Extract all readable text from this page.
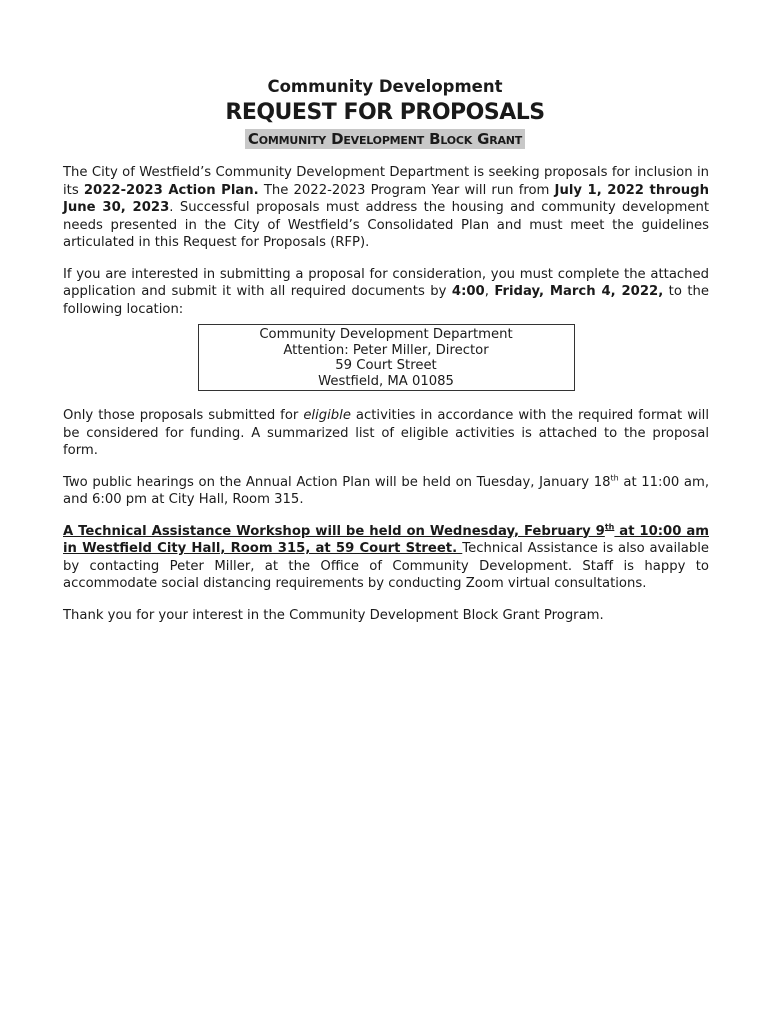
Community Development
REQUEST FOR PROPOSALS
Community Development Block Grant

The City of Westfield’s Community Development Department is seeking proposals for inclusion in its 2022-2023 Action Plan. The 2022-2023 Program Year will run from July 1, 2022 through June 30, 2023. Successful proposals must address the housing and community development needs presented in the City of Westfield’s Consolidated Plan and must meet the guidelines articulated in this Request for Proposals (RFP).

If you are interested in submitting a proposal for consideration, you must complete the attached application and submit it with all required documents by 4:00, Friday, March 4, 2022, to the following location:

Community Development Department
Attention: Peter Miller, Director
59 Court Street
Westfield, MA 01085

Only those proposals submitted for eligible activities in accordance with the required format will be considered for funding. A summarized list of eligible activities is attached to the proposal form.

Two public hearings on the Annual Action Plan will be held on Tuesday, January 18th at 11:00 am, and 6:00 pm at City Hall, Room 315.

A Technical Assistance Workshop will be held on Wednesday, February 9th at 10:00 am in Westfield City Hall, Room 315, at 59 Court Street. Technical Assistance is also available by contacting Peter Miller, at the Office of Community Development. Staff is happy to accommodate social distancing requirements by conducting Zoom virtual consultations.

Thank you for your interest in the Community Development Block Grant Program.
